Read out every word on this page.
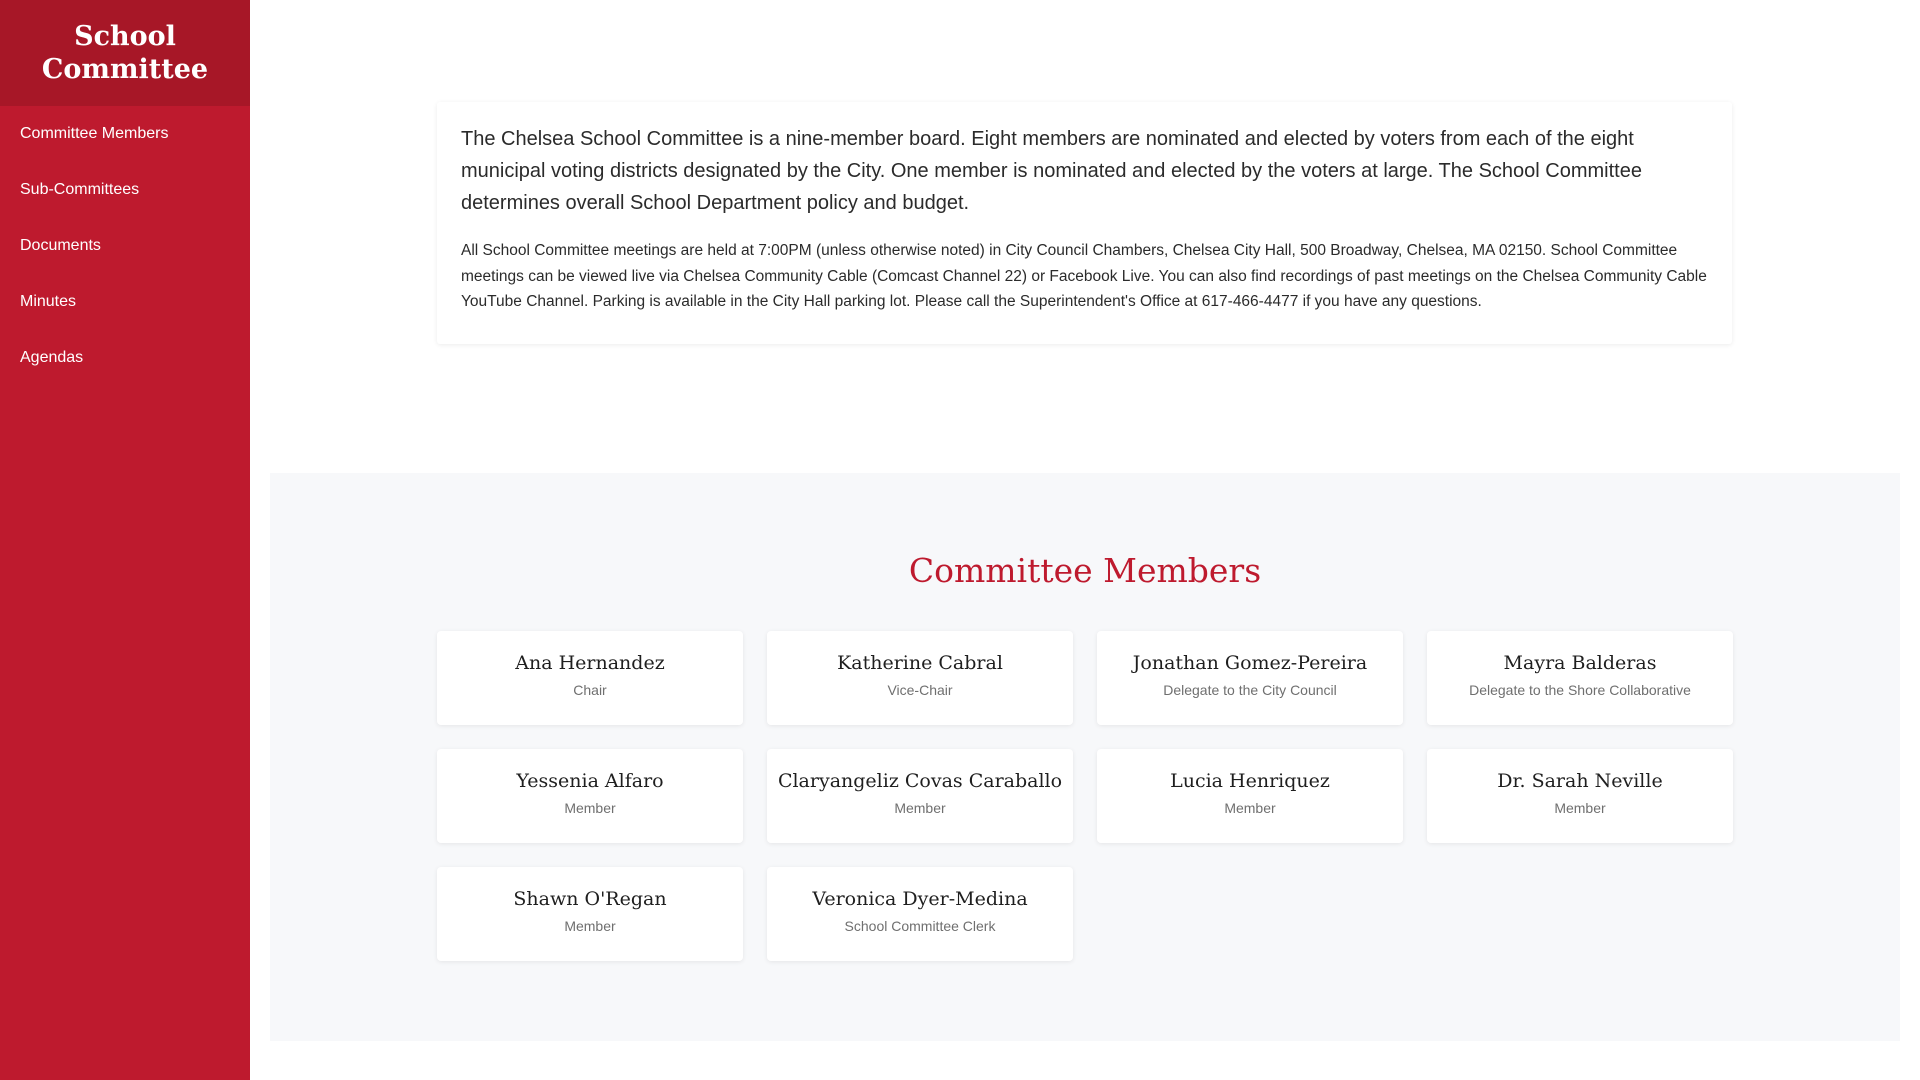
School Committee
Committee Members
Sub-Committees
Documents
Minutes
Agendas

The Chelsea School Committee is a nine-member board. Eight members are nominated and elected by voters from each of the eight municipal voting districts designated by the City. One member is nominated and elected by the voters at large. The School Committee determines overall School Department policy and budget.

All School Committee meetings are held at 7:00PM (unless otherwise noted) in City Council Chambers, Chelsea City Hall, 500 Broadway, Chelsea, MA 02150. School Committee meetings can be viewed live via Chelsea Community Cable (Comcast Channel 22) or Facebook Live. You can also find recordings of past meetings on the Chelsea Community Cable YouTube Channel. Parking is available in the City Hall parking lot. Please call the Superintendent's Office at 617-466-4477 if you have any questions.

Committee Members
Ana Hernandez
Chair
Katherine Cabral
Vice-Chair
Jonathan Gomez-Pereira
Delegate to the City Council
Mayra Balderas
Delegate to the Shore Collaborative
Yessenia Alfaro
Member
Claryangeliz Covas Caraballo
Member
Lucia Henriquez
Member
Dr. Sarah Neville
Member
Shawn O'Regan
Member
Veronica Dyer-Medina
School Committee Clerk
